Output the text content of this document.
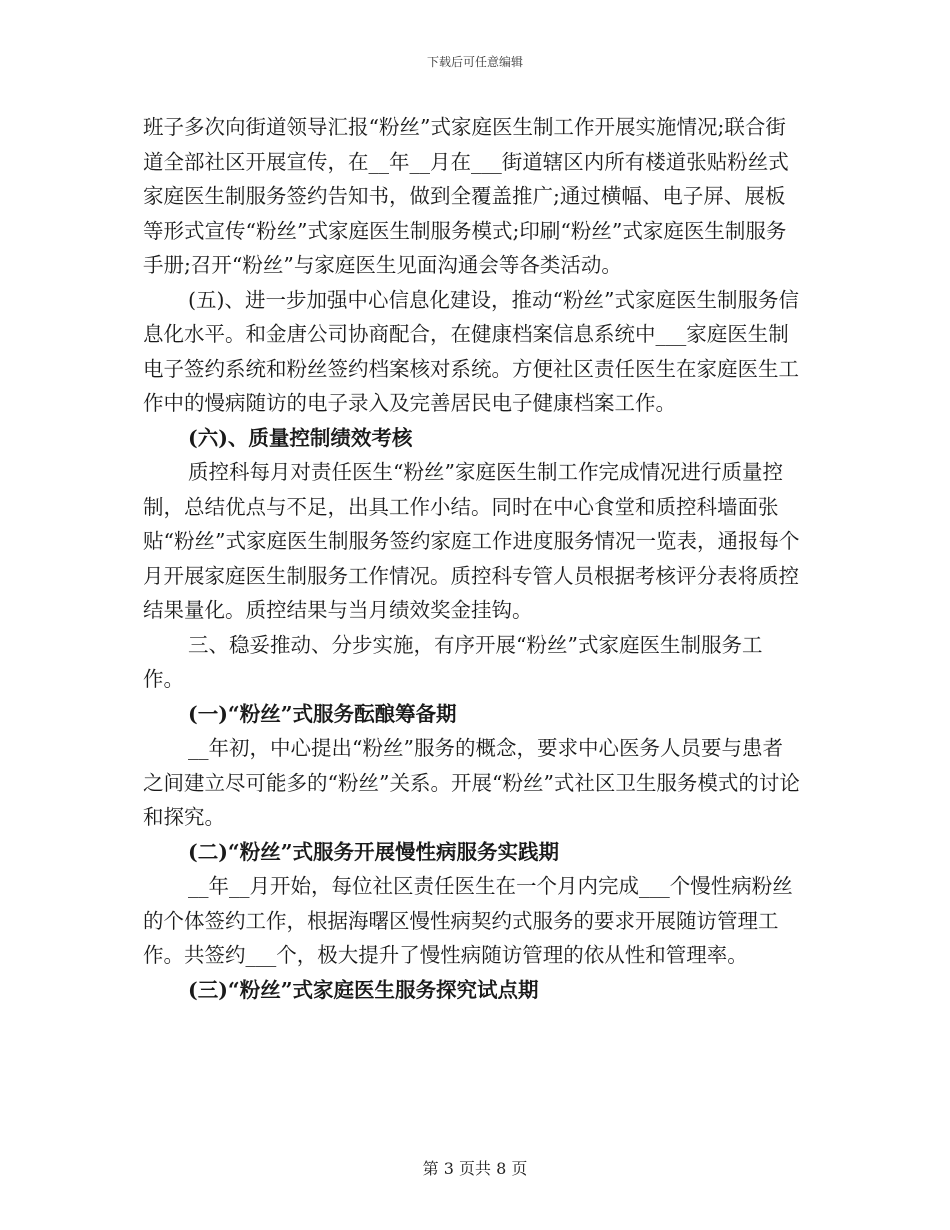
下载后可任意编辑

班子多次向街道领导汇报“粉丝”式家庭医生制工作开展实施情况;联合街道全部社区开展宣传，在__年__月在___街道辖区内所有楼道张贴粉丝式家庭医生制服务签约告知书，做到全覆盖推广;通过横幅、电子屏、展板等形式宣传“粉丝”式家庭医生制服务模式;印刷“粉丝”式家庭医生制服务手册;召开“粉丝”与家庭医生见面沟通会等各类活动。

(五)、进一步加强中心信息化建设，推动“粉丝”式家庭医生制服务信息化水平。和金唐公司协商配合，在健康档案信息系统中___家庭医生制电子签约系统和粉丝签约档案核对系统。方便社区责任医生在家庭医生工作中的慢病随访的电子录入及完善居民电子健康档案工作。

(六)、质量控制绩效考核

质控科每月对责任医生“粉丝”家庭医生制工作完成情况进行质量控制，总结优点与不足，出具工作小结。同时在中心食堂和质控科墙面张贴“粉丝”式家庭医生制服务签约家庭工作进度服务情况一览表，通报每个月开展家庭医生制服务工作情况。质控科专管人员根据考核评分表将质控结果量化。质控结果与当月绩效奖金挂钩。

三、稳妥推动、分步实施，有序开展“粉丝”式家庭医生制服务工作。

(一)“粉丝”式服务酝酿筹备期

__年初，中心提出“粉丝”服务的概念，要求中心医务人员要与患者之间建立尽可能多的“粉丝”关系。开展“粉丝”式社区卫生服务模式的讨论和探究。

(二)“粉丝”式服务开展慢性病服务实践期

__年__月开始，每位社区责任医生在一个月内完成___个慢性病粉丝的个体签约工作，根据海曙区慢性病契约式服务的要求开展随访管理工作。共签约___个，极大提升了慢性病随访管理的依从性和管理率。

(三)“粉丝”式家庭医生服务探究试点期

第 3 页共 8 页
